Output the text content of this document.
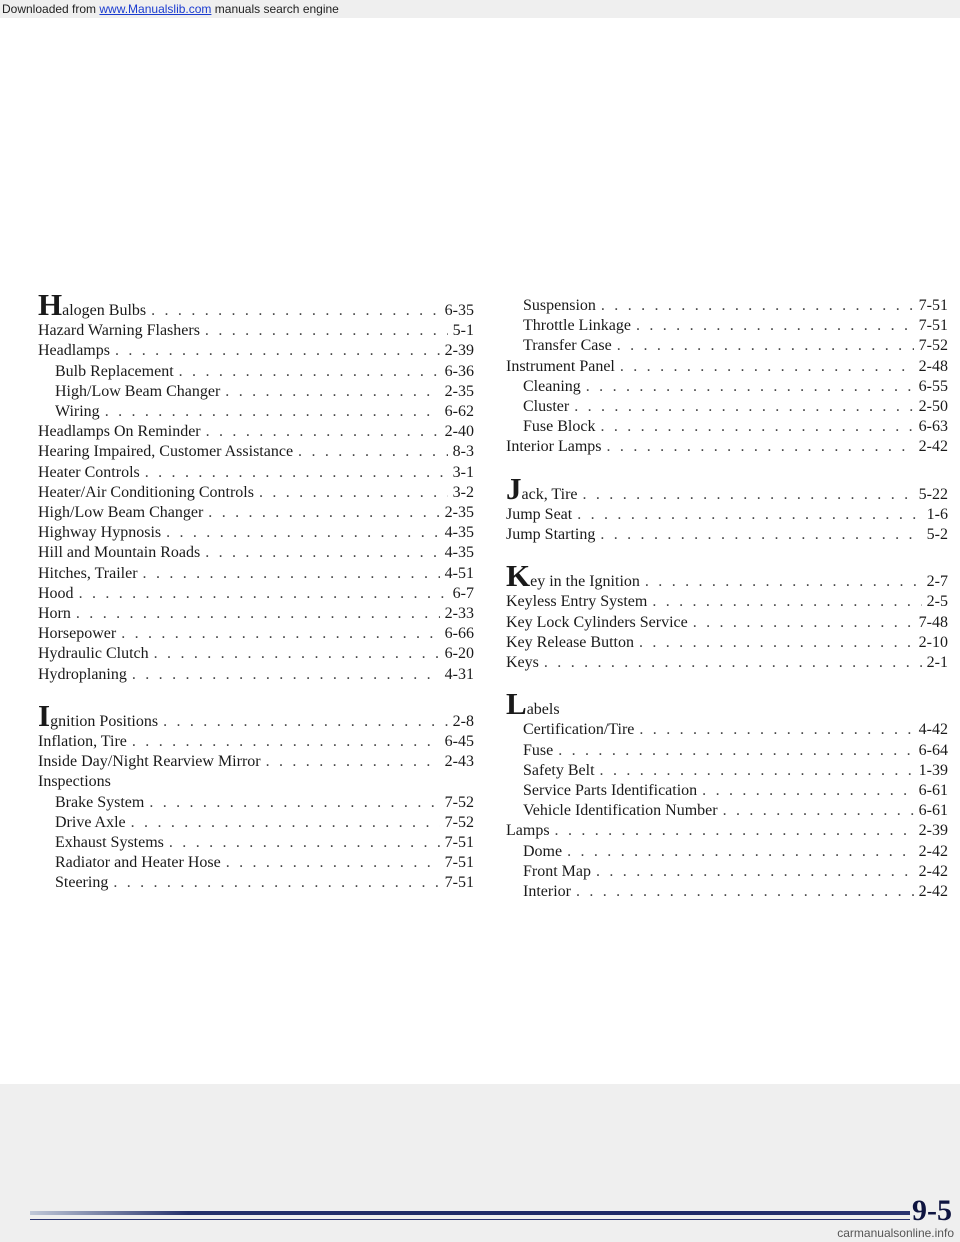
Downloaded from www.Manualslib.com manuals search engine
Halogen Bulbs . . .	6-35
Hazard Warning Flashers . . .	5-1
Headlamps . . .	2-39
Bulb Replacement . . .	6-36
High/Low Beam Changer . . .	2-35
Wiring . . .	6-62
Headlamps On Reminder . . .	2-40
Hearing Impaired, Customer Assistance . . .	8-3
Heater Controls . . .	3-1
Heater/Air Conditioning Controls . . .	3-2
High/Low Beam Changer . . .	2-35
Highway Hypnosis . . .	4-35
Hill and Mountain Roads . . .	4-35
Hitches, Trailer . . .	4-51
Hood . . .	6-7
Horn . . .	2-33
Horsepower . . .	6-66
Hydraulic Clutch . . .	6-20
Hydroplaning . . .	4-31
Ignition Positions . . .	2-8
Inflation, Tire . . .	6-45
Inside Day/Night Rearview Mirror . . .	2-43
Inspections
Brake System . . .	7-52
Drive Axle . . .	7-52
Exhaust Systems . . .	7-51
Radiator and Heater Hose . . .	7-51
Steering . . .	7-51
Suspension . . .	7-51
Throttle Linkage . . .	7-51
Transfer Case . . .	7-52
Instrument Panel . . .	2-48
Cleaning . . .	6-55
Cluster . . .	2-50
Fuse Block . . .	6-63
Interior Lamps . . .	2-42
Jack, Tire . . .	5-22
Jump Seat . . .	1-6
Jump Starting . . .	5-2
Key in the Ignition . . .	2-7
Keyless Entry System . . .	2-5
Key Lock Cylinders Service . . .	7-48
Key Release Button . . .	2-10
Keys . . .	2-1
Labels
Certification/Tire . . .	4-42
Fuse . . .	6-64
Safety Belt . . .	1-39
Service Parts Identification . . .	6-61
Vehicle Identification Number . . .	6-61
Lamps . . .	2-39
Dome . . .	2-42
Front Map . . .	2-42
Interior . . .	2-42
9-5
carmanualsonline.info
